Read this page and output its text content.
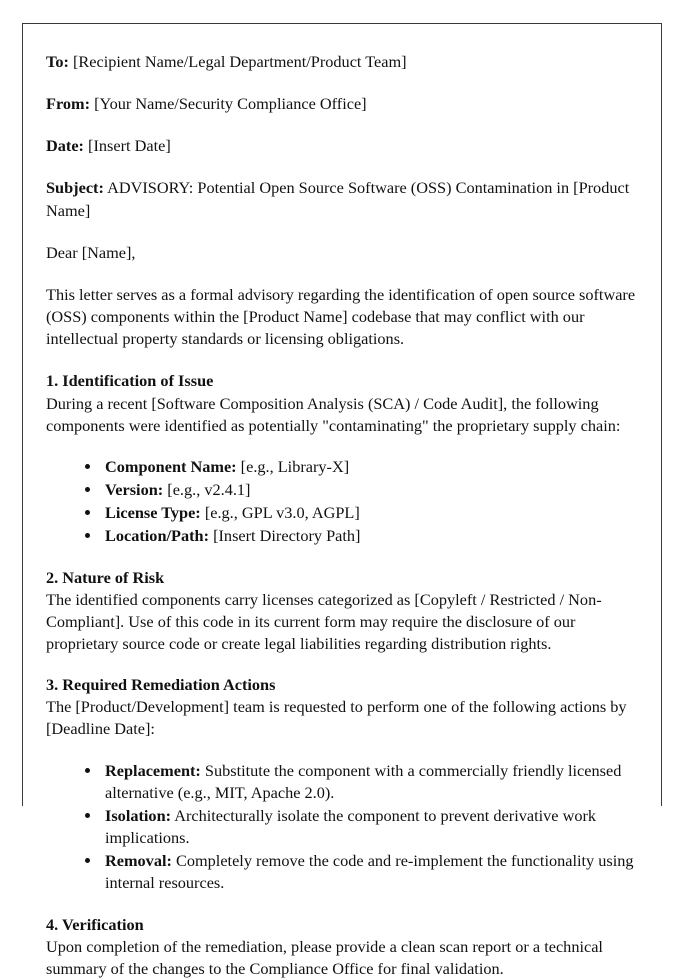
To: [Recipient Name/Legal Department/Product Team]

From: [Your Name/Security Compliance Office]

Date: [Insert Date]

Subject: ADVISORY: Potential Open Source Software (OSS) Contamination in [Product Name]

Dear [Name],

This letter serves as a formal advisory regarding the identification of open source software (OSS) components within the [Product Name] codebase that may conflict with our intellectual property standards or licensing obligations.

1. Identification of Issue
During a recent [Software Composition Analysis (SCA) / Code Audit], the following components were identified as potentially "contaminating" the proprietary supply chain:

• Component Name: [e.g., Library-X]
• Version: [e.g., v2.4.1]
• License Type: [e.g., GPL v3.0, AGPL]
• Location/Path: [Insert Directory Path]

2. Nature of Risk
The identified components carry licenses categorized as [Copyleft / Restricted / Non-Compliant]. Use of this code in its current form may require the disclosure of our proprietary source code or create legal liabilities regarding distribution rights.

3. Required Remediation Actions
The [Product/Development] team is requested to perform one of the following actions by [Deadline Date]:

• Replacement: Substitute the component with a commercially friendly licensed alternative (e.g., MIT, Apache 2.0).
• Isolation: Architecturally isolate the component to prevent derivative work implications.
• Removal: Completely remove the code and re-implement the functionality using internal resources.

4. Verification
Upon completion of the remediation, please provide a clean scan report or a technical summary of the changes to the Compliance Office for final validation.
